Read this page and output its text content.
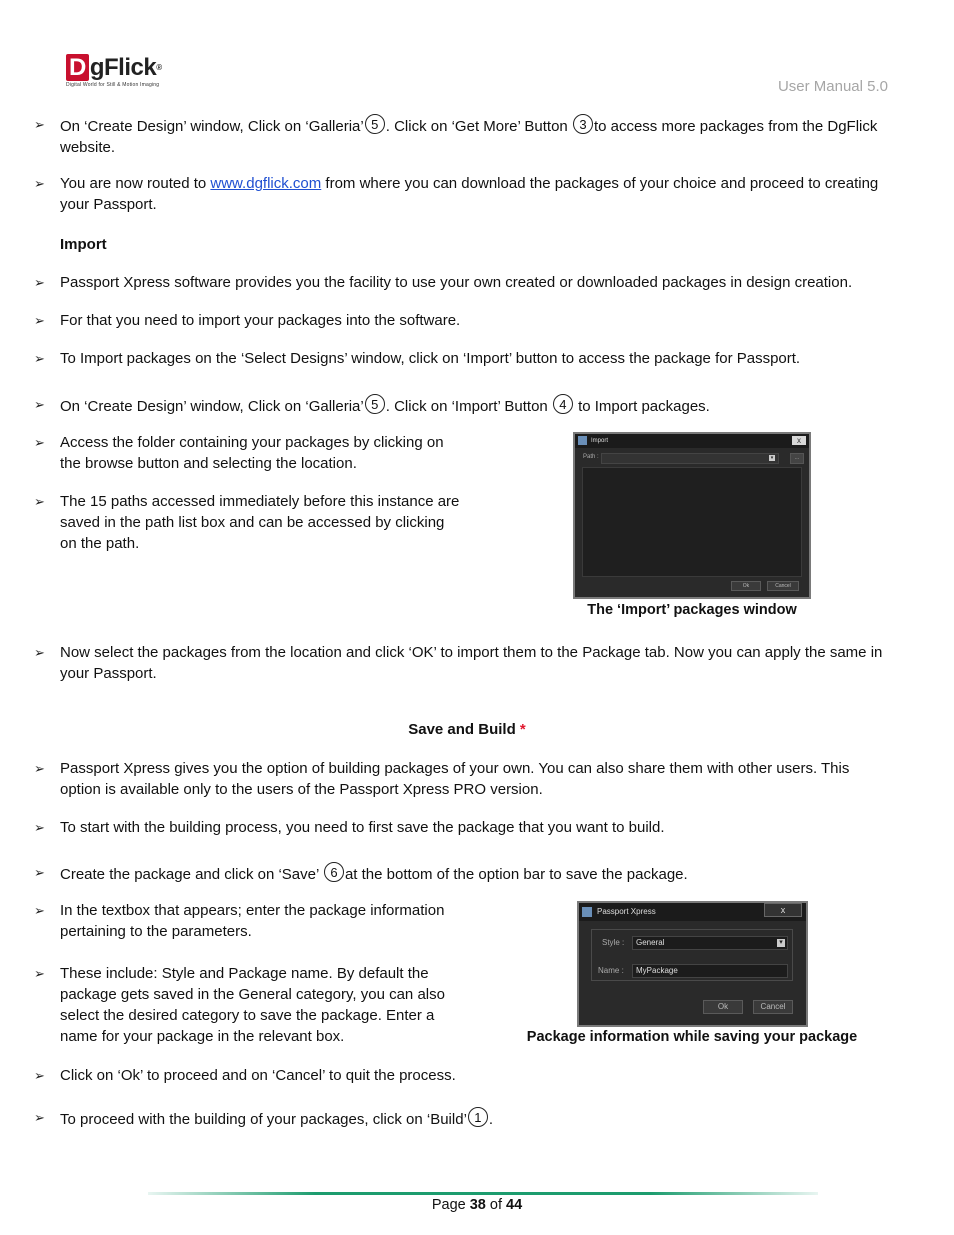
D gFlick®
Digital World for Still & Motion Imaging	User Manual 5.0
➢	On ‘Create Design’ window, Click on ‘Galleria’ 5 . Click on ‘Get More’ Button 3 to access more packages from the DgFlick website.
➢	You are now routed to www.dgflick.com from where you can download the packages of your choice and proceed to creating your Passport.
Import
➢	Passport Xpress software provides you the facility to use your own created or downloaded packages in design creation.
➢	For that you need to import your packages into the software.
➢	To Import packages on the ‘Select Designs’ window, click on ‘Import’ button to access the package for Passport.
➢	On ‘Create Design’ window, Click on ‘Galleria’ 5 . Click on ‘Import’ Button 4 to Import packages.
➢	Access the folder containing your packages by clicking on the browse button and selecting the location.
➢	The 15 paths accessed immediately before this instance are saved in the path list box and can be accessed by clicking on the path.
Import	x
Path :	▾	...
Ok	Cancel
The ‘Import’ packages window
➢	Now select the packages from the location and click ‘OK’ to import them to the Package tab. Now you can apply the same in your Passport.
Save and Build *
➢	Passport Xpress gives you the option of building packages of your own. You can also share them with other users. This option is available only to the users of the Passport Xpress PRO version.
➢	To start with the building process, you need to first save the package that you want to build.
➢	Create the package and click on ‘Save’ 6 at the bottom of the option bar to save the package.
➢	In the textbox that appears; enter the package information pertaining to the parameters.
➢	These include: Style and Package name. By default the package gets saved in the General category, you can also select the desired category to save the package. Enter a name for your package in the relevant box.
Passport Xpress	x
Style : General	▾
Name : MyPackage
Ok	Cancel
Package information while saving your package
➢	Click on ‘Ok’ to proceed and on ‘Cancel’ to quit the process.
➢	To proceed with the building of your packages, click on ‘Build’ 1 .
Page 38 of 44
